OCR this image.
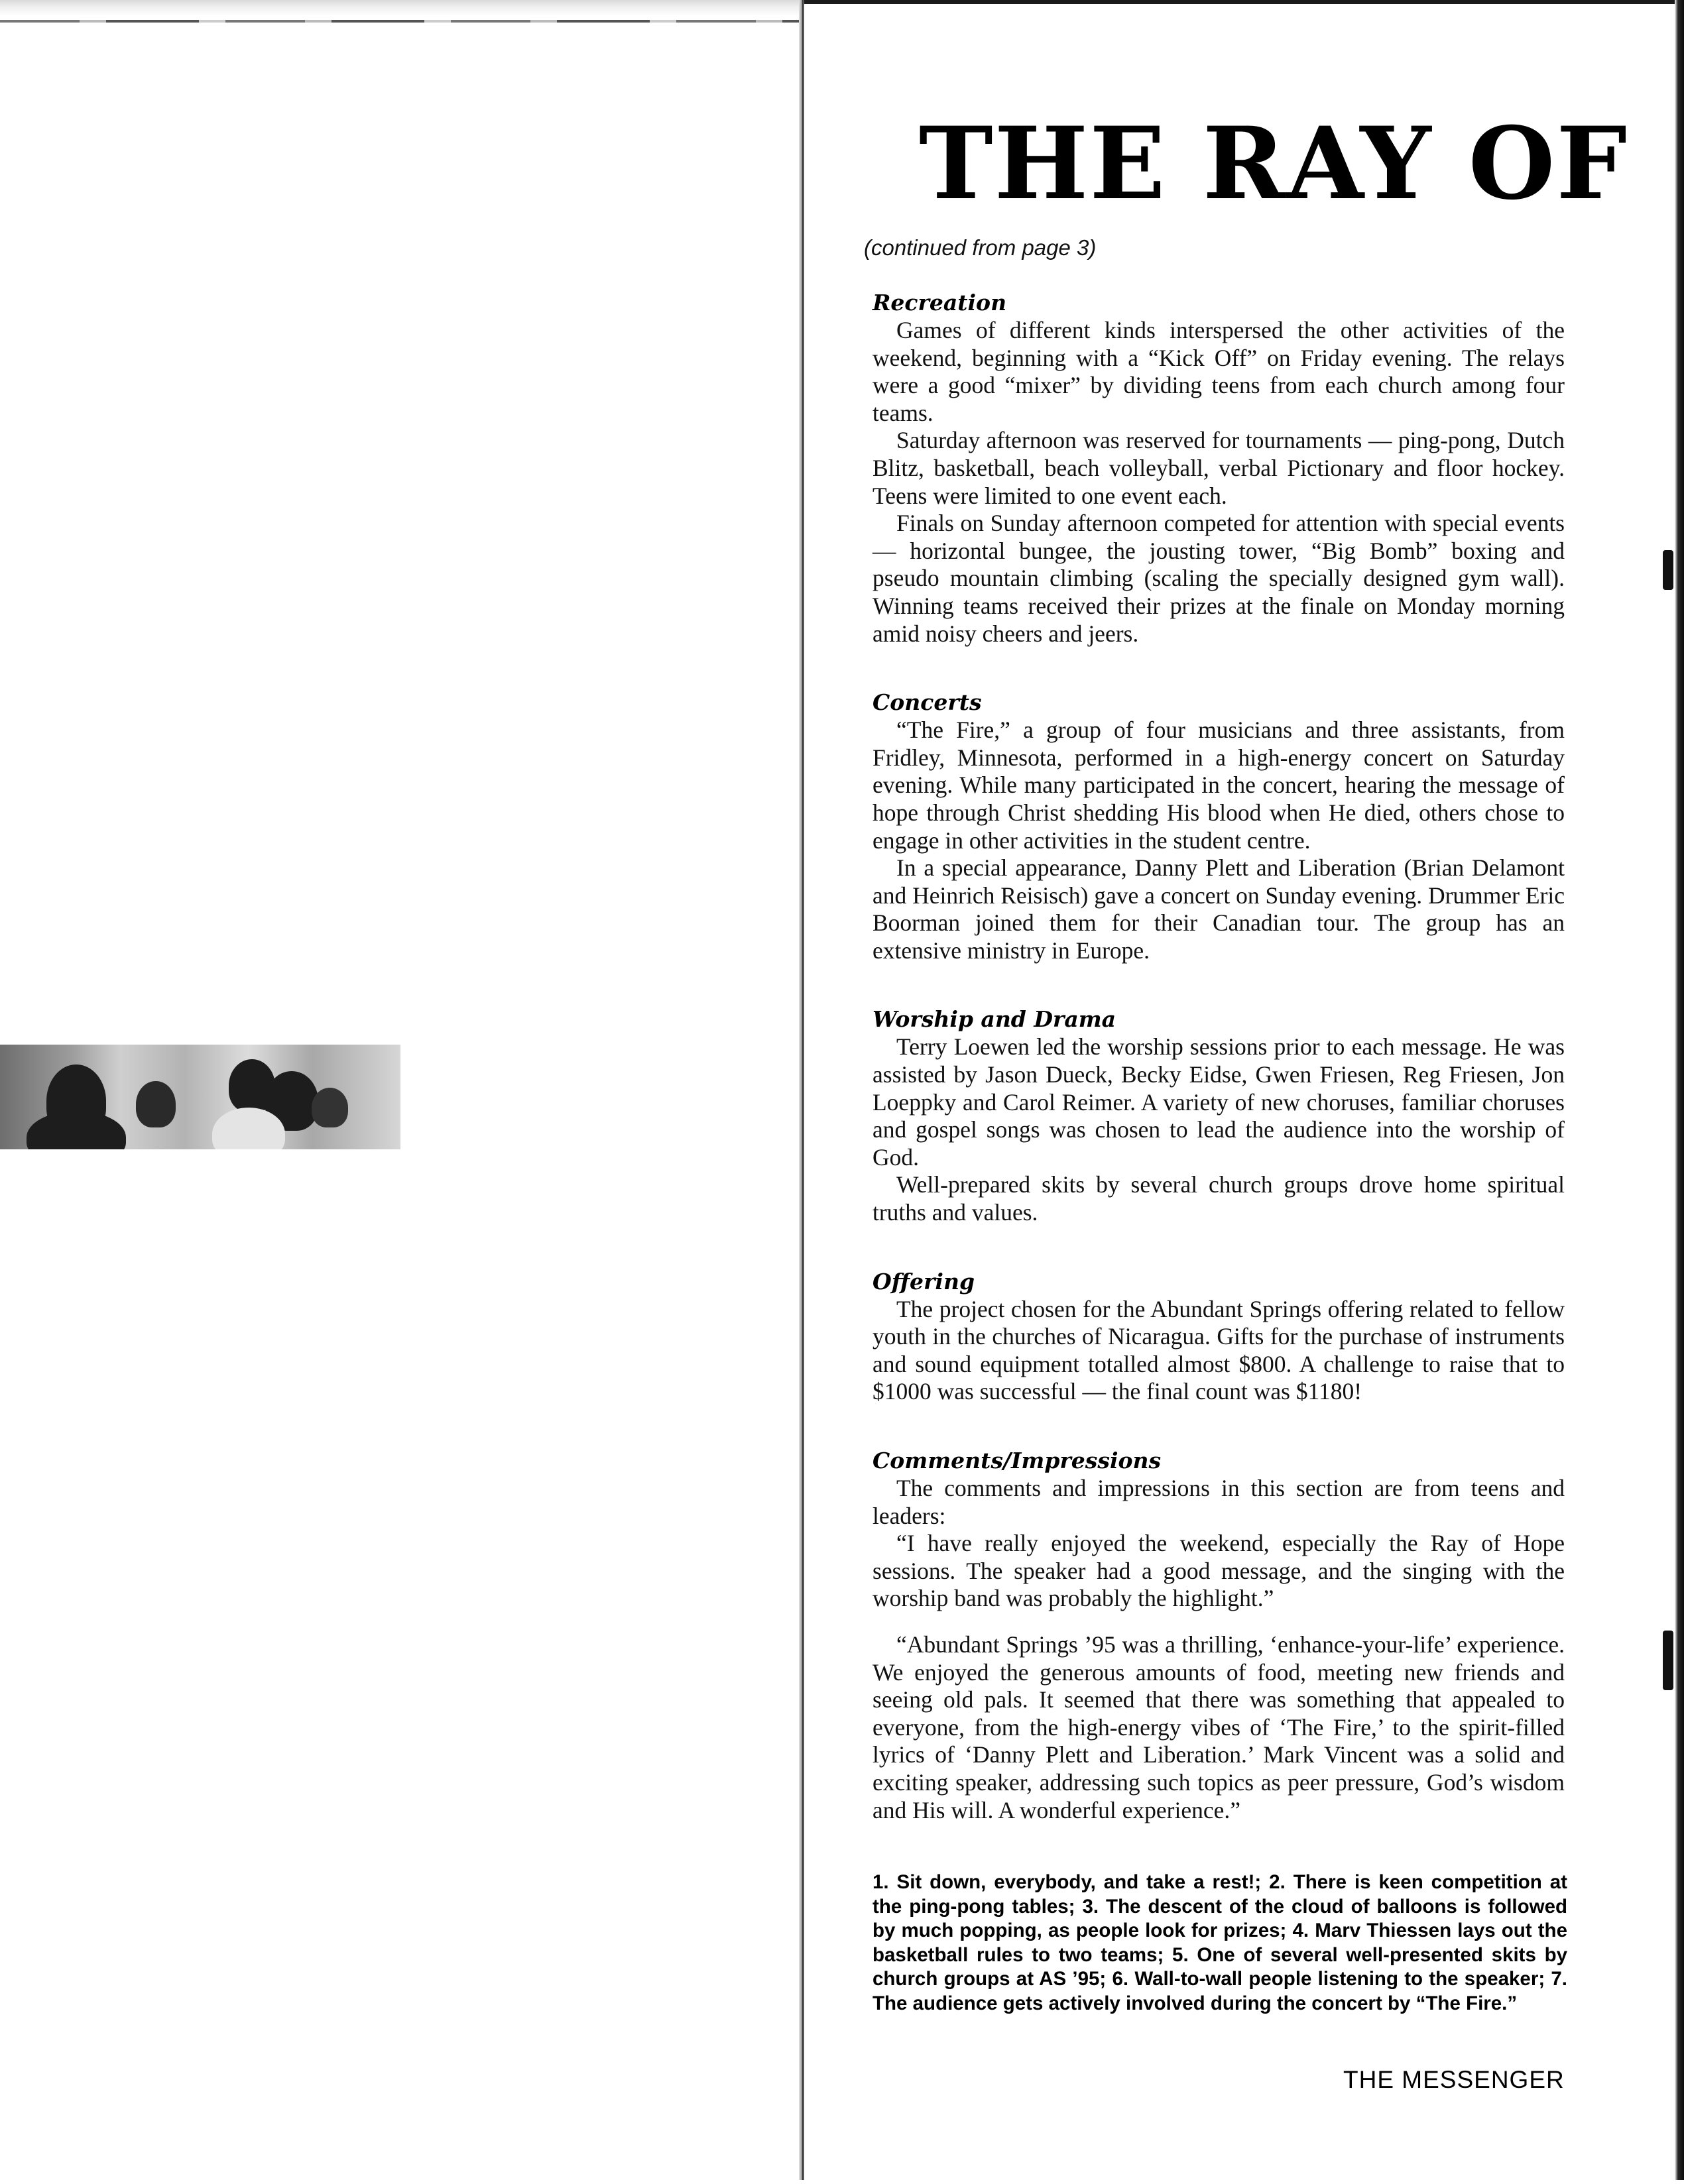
THE RAY OF
(continued from page 3)
Recreation

Games of different kinds interspersed the other activities of the weekend, beginning with a “Kick Off” on Friday evening. The relays were a good “mixer” by dividing teens from each church among four teams.

Saturday afternoon was reserved for tournaments — ping-pong, Dutch Blitz, basketball, beach volleyball, verbal Pictionary and floor hockey. Teens were limited to one event each.

Finals on Sunday afternoon competed for attention with special events — horizontal bungee, the jousting tower, “Big Bomb” boxing and pseudo mountain climbing (scaling the specially designed gym wall). Winning teams received their prizes at the finale on Monday morning amid noisy cheers and jeers.

Concerts

“The Fire,” a group of four musicians and three assistants, from Fridley, Minnesota, performed in a high-energy concert on Saturday evening. While many participated in the concert, hearing the message of hope through Christ shedding His blood when He died, others chose to engage in other activities in the student centre.

In a special appearance, Danny Plett and Liberation (Brian Delamont and Heinrich Reisisch) gave a concert on Sunday evening. Drummer Eric Boorman joined them for their Canadian tour. The group has an extensive ministry in Europe.

Worship and Drama

Terry Loewen led the worship sessions prior to each message. He was assisted by Jason Dueck, Becky Eidse, Gwen Friesen, Reg Friesen, Jon Loeppky and Carol Reimer. A variety of new choruses, familiar choruses and gospel songs was chosen to lead the audience into the worship of God.

Well-prepared skits by several church groups drove home spiritual truths and values.

Offering

The project chosen for the Abundant Springs offering related to fellow youth in the churches of Nicaragua. Gifts for the purchase of instruments and sound equipment totalled almost $800. A challenge to raise that to $1000 was successful — the final count was $1180!

Comments/Impressions

The comments and impressions in this section are from teens and leaders:

“I have really enjoyed the weekend, especially the Ray of Hope sessions. The speaker had a good message, and the singing with the worship band was probably the highlight.”

“Abundant Springs ’95 was a thrilling, ‘enhance-your-life’ experience. We enjoyed the generous amounts of food, meeting new friends and seeing old pals. It seemed that there was something that appealed to everyone, from the high-energy vibes of ‘The Fire,’ to the spirit-filled lyrics of ‘Danny Plett and Liberation.’ Mark Vincent was a solid and exciting speaker, addressing such topics as peer pressure, God’s wisdom and His will. A wonderful experience.”

1. Sit down, everybody, and take a rest!; 2. There is keen competition at the ping-pong tables; 3. The descent of the cloud of balloons is followed by much popping, as people look for prizes; 4. Marv Thiessen lays out the basketball rules to two teams; 5. One of several well-presented skits by church groups at AS ’95; 6. Wall-to-wall people listening to the speaker; 7. The audience gets actively involved during the concert by “The Fire.”

THE MESSENGER
